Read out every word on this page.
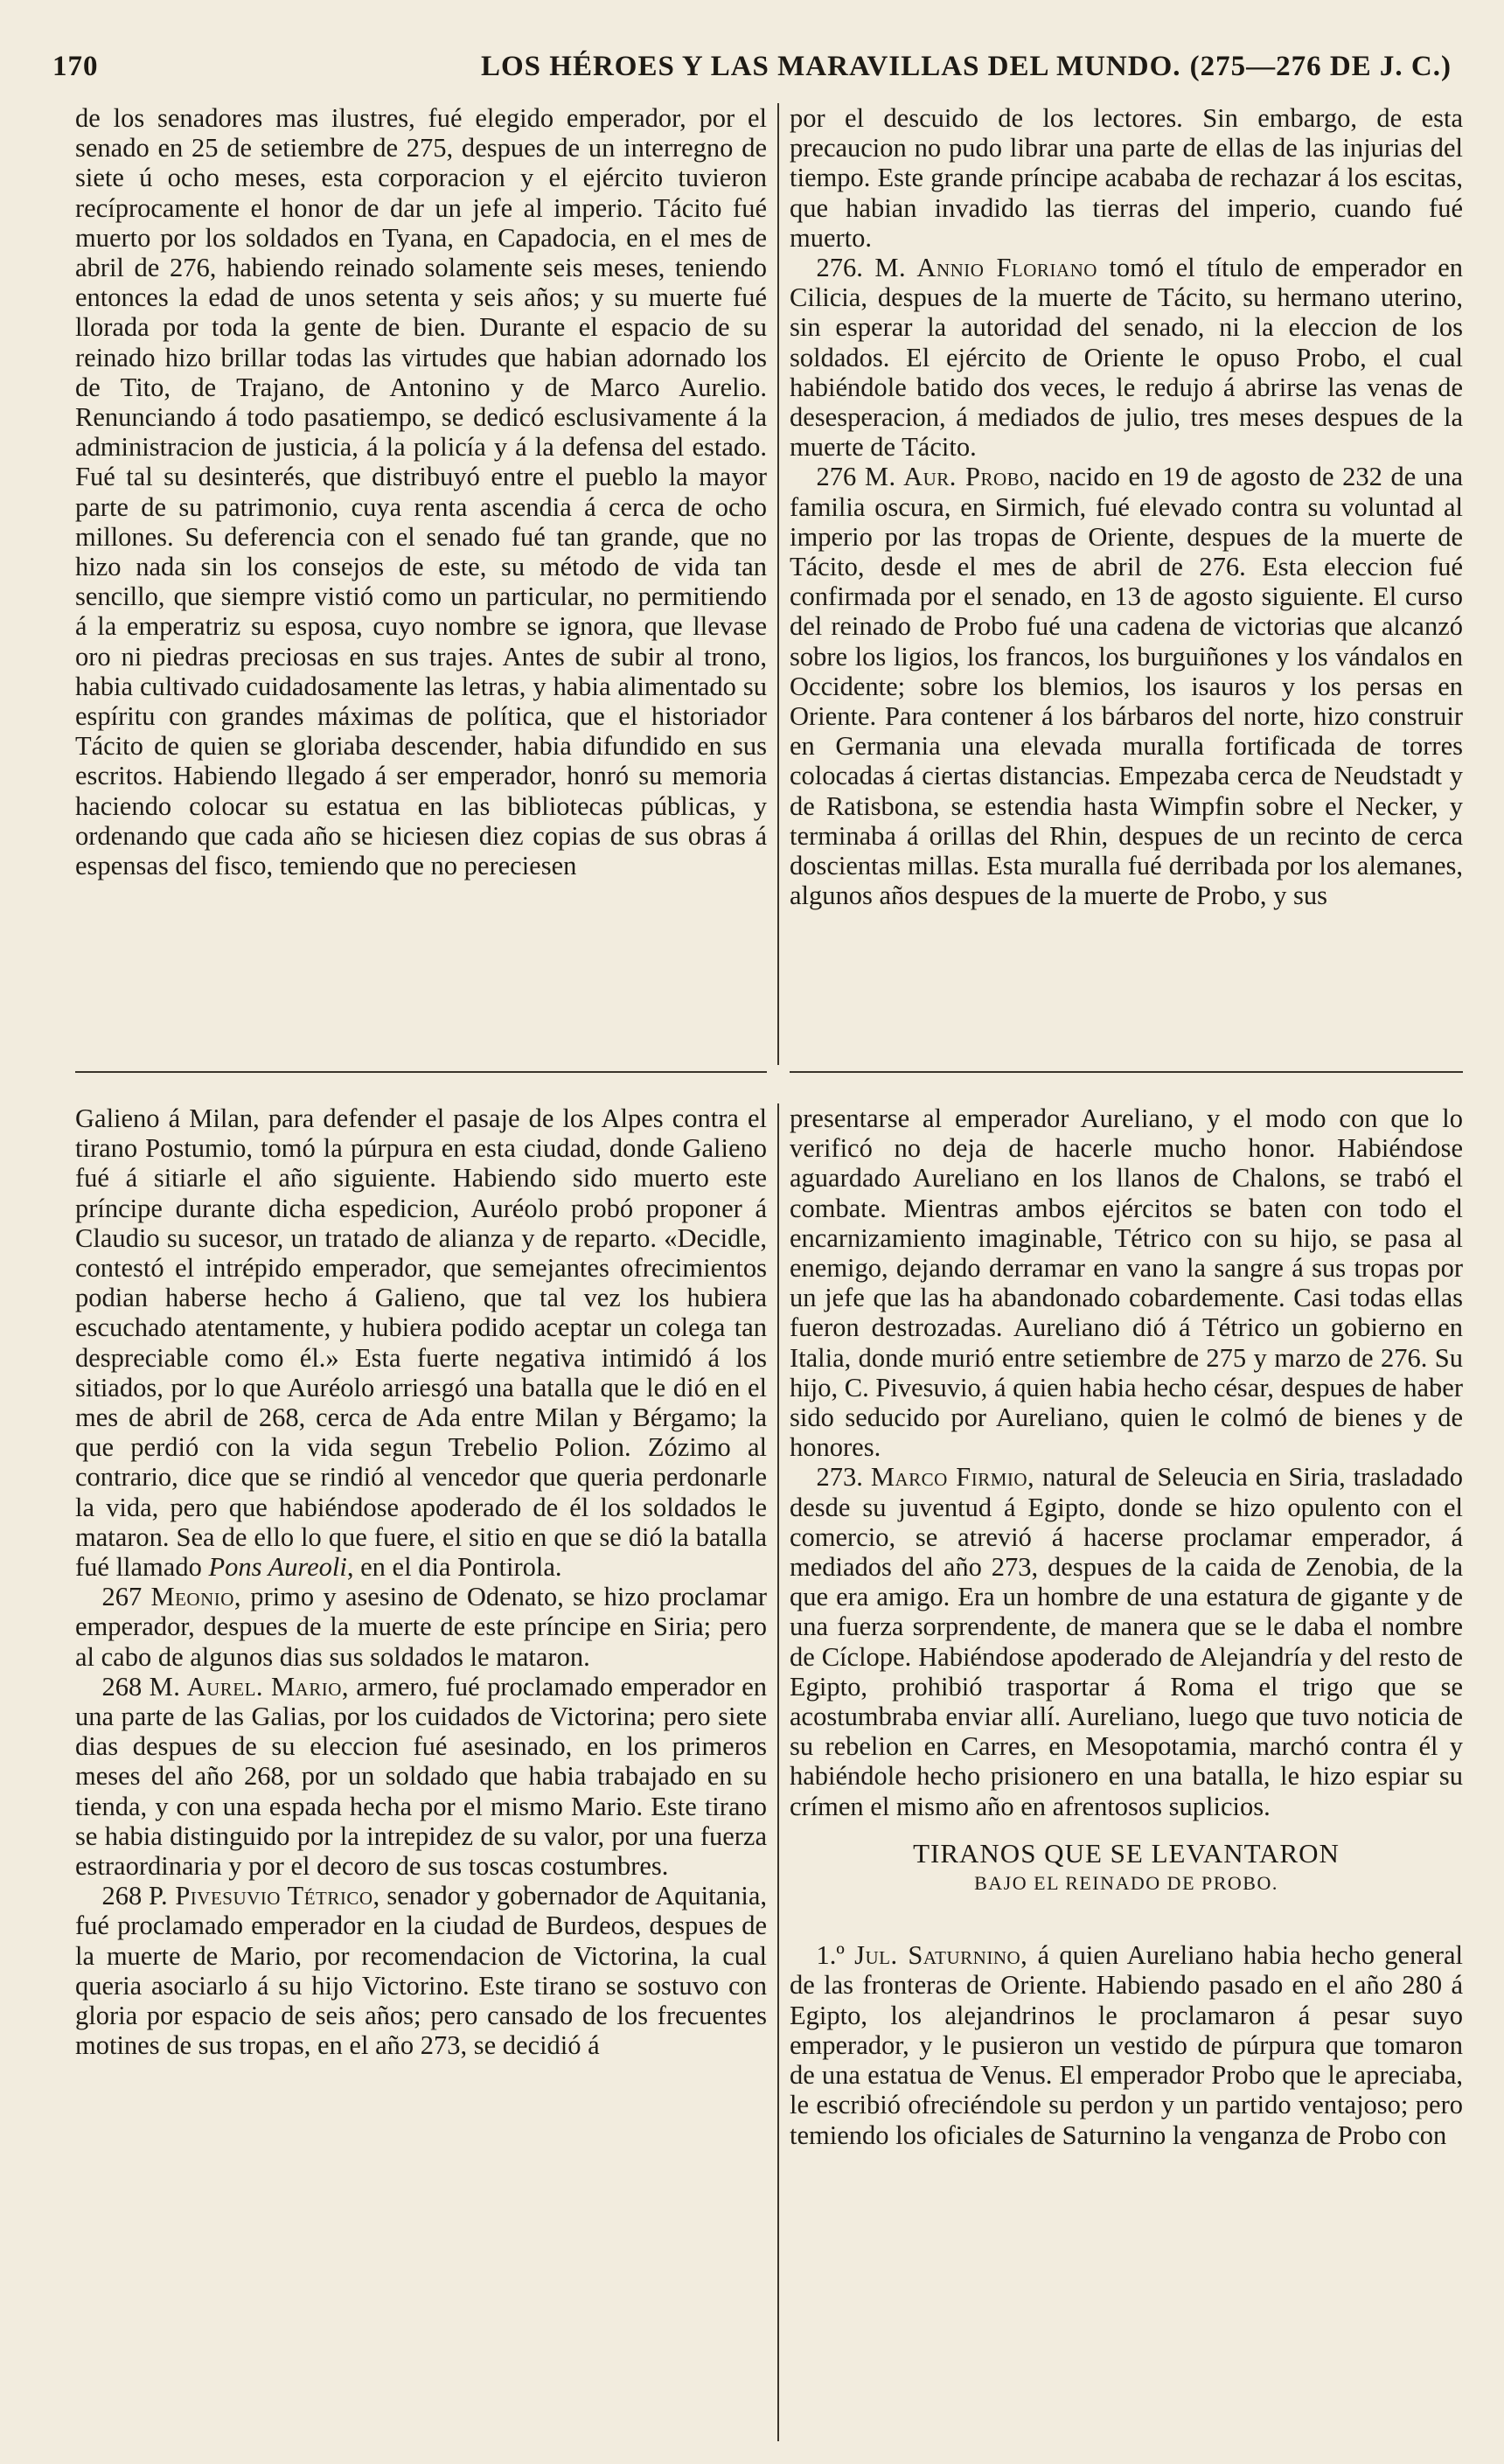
170	LOS HÉROES Y LAS MARAVILLAS DEL MUNDO. (275—276 DE J. C.)

de los senadores mas ilustres, fué elegido emperador, por el senado en 25 de setiembre de 275, despues de un interregno de siete ú ocho meses, esta corporacion y el ejército tuvieron recíprocamente el honor de dar un jefe al imperio. Tácito fué muerto por los soldados en Tyana, en Capadocia, en el mes de abril de 276, habiendo reinado solamente seis meses, teniendo entonces la edad de unos setenta y seis años; y su muerte fué llorada por toda la gente de bien. Durante el espacio de su reinado hizo brillar todas las virtudes que habian adornado los de Tito, de Trajano, de Antonino y de Marco Aurelio. Renunciando á todo pasatiempo, se dedicó esclusivamente á la administracion de justicia, á la policía y á la defensa del estado. Fué tal su desinterés, que distribuyó entre el pueblo la mayor parte de su patrimonio, cuya renta ascendia á cerca de ocho millones. Su deferencia con el senado fué tan grande, que no hizo nada sin los consejos de este, su método de vida tan sencillo, que siempre vistió como un particular, no permitiendo á la emperatriz su esposa, cuyo nombre se ignora, que llevase oro ni piedras preciosas en sus trajes. Antes de subir al trono, habia cultivado cuidadosamente las letras, y habia alimentado su espíritu con grandes máximas de política, que el historiador Tácito de quien se gloriaba descender, habia difundido en sus escritos. Habiendo llegado á ser emperador, honró su memoria haciendo colocar su estatua en las bibliotecas públicas, y ordenando que cada año se hiciesen diez copias de sus obras á espensas del fisco, temiendo que no pereciesen

por el descuido de los lectores. Sin embargo, de esta precaucion no pudo librar una parte de ellas de las injurias del tiempo. Este grande príncipe acababa de rechazar á los escitas, que habian invadido las tierras del imperio, cuando fué muerto.

 276. M. Annio Floriano tomó el título de emperador en Cilicia, despues de la muerte de Tácito, su hermano uterino, sin esperar la autoridad del senado, ni la eleccion de los soldados. El ejército de Oriente le opuso Probo, el cual habiéndole batido dos veces, le redujo á abrirse las venas de desesperacion, á mediados de julio, tres meses despues de la muerte de Tácito.

 276 M. Aur. Probo, nacido en 19 de agosto de 232 de una familia oscura, en Sirmich, fué elevado contra su voluntad al imperio por las tropas de Oriente, despues de la muerte de Tácito, desde el mes de abril de 276. Esta eleccion fué confirmada por el senado, en 13 de agosto siguiente. El curso del reinado de Probo fué una cadena de victorias que alcanzó sobre los ligios, los francos, los burguiñones y los vándalos en Occidente; sobre los blemios, los isauros y los persas en Oriente. Para contener á los bárbaros del norte, hizo construir en Germania una elevada muralla fortificada de torres colocadas á ciertas distancias. Empezaba cerca de Neudstadt y de Ratisbona, se estendia hasta Wimpfin sobre el Necker, y terminaba á orillas del Rhin, despues de un recinto de cerca doscientas millas. Esta muralla fué derribada por los alemanes, algunos años despues de la muerte de Probo, y sus

Galieno á Milan, para defender el pasaje de los Alpes contra el tirano Postumio, tomó la púrpura en esta ciudad, donde Galieno fué á sitiarle el año siguiente. Habiendo sido muerto este príncipe durante dicha espedicion, Auréolo probó proponer á Claudio su sucesor, un tratado de alianza y de reparto. «Decidle, contestó el intrépido emperador, que semejantes ofrecimientos podian haberse hecho á Galieno, que tal vez los hubiera escuchado atentamente, y hubiera podido aceptar un colega tan despreciable como él.» Esta fuerte negativa intimidó á los sitiados, por lo que Auréolo arriesgó una batalla que le dió en el mes de abril de 268, cerca de Ada entre Milan y Bérgamo; la que perdió con la vida segun Trebelio Polion. Zózimo al contrario, dice que se rindió al vencedor que queria perdonarle la vida, pero que habiéndose apoderado de él los soldados le mataron. Sea de ello lo que fuere, el sitio en que se dió la batalla fué llamado Pons Aureoli, en el dia Pontirola.

 267 Meonio, primo y asesino de Odenato, se hizo proclamar emperador, despues de la muerte de este príncipe en Siria; pero al cabo de algunos dias sus soldados le mataron.

 268 M. Aurel. Mario, armero, fué proclamado emperador en una parte de las Galias, por los cuidados de Victorina; pero siete dias despues de su eleccion fué asesinado, en los primeros meses del año 268, por un soldado que habia trabajado en su tienda, y con una espada hecha por el mismo Mario. Este tirano se habia distinguido por la intrepidez de su valor, por una fuerza estraordinaria y por el decoro de sus toscas costumbres.

 268 P. Pivesuvio Tétrico, senador y gobernador de Aquitania, fué proclamado emperador en la ciudad de Burdeos, despues de la muerte de Mario, por recomendacion de Victorina, la cual queria asociarlo á su hijo Victorino. Este tirano se sostuvo con gloria por espacio de seis años; pero cansado de los frecuentes motines de sus tropas, en el año 273, se decidió á

presentarse al emperador Aureliano, y el modo con que lo verificó no deja de hacerle mucho honor. Habiéndose aguardado Aureliano en los llanos de Chalons, se trabó el combate. Mientras ambos ejércitos se baten con todo el encarnizamiento imaginable, Tétrico con su hijo, se pasa al enemigo, dejando derramar en vano la sangre á sus tropas por un jefe que las ha abandonado cobardemente. Casi todas ellas fueron destrozadas. Aureliano dió á Tétrico un gobierno en Italia, donde murió entre setiembre de 275 y marzo de 276. Su hijo, C. Pivesuvio, á quien habia hecho césar, despues de haber sido seducido por Aureliano, quien le colmó de bienes y de honores.

 273. Marco Firmio, natural de Seleucia en Siria, trasladado desde su juventud á Egipto, donde se hizo opulento con el comercio, se atrevió á hacerse proclamar emperador, á mediados del año 273, despues de la caida de Zenobia, de la que era amigo. Era un hombre de una estatura de gigante y de una fuerza sorprendente, de manera que se le daba el nombre de Cíclope. Habiéndose apoderado de Alejandría y del resto de Egipto, prohibió trasportar á Roma el trigo que se acostumbraba enviar allí. Aureliano, luego que tuvo noticia de su rebelion en Carres, en Mesopotamia, marchó contra él y habiéndole hecho prisionero en una batalla, le hizo espiar su crímen el mismo año en afrentosos suplicios.

TIRANOS QUE SE LEVANTARON

BAJO EL REINADO DE PROBO.

 1.º Jul. Saturnino, á quien Aureliano habia hecho general de las fronteras de Oriente. Habiendo pasado en el año 280 á Egipto, los alejandrinos le proclamaron á pesar suyo emperador, y le pusieron un vestido de púrpura que tomaron de una estatua de Venus. El emperador Probo que le apreciaba, le escribió ofreciéndole su perdon y un partido ventajoso; pero temiendo los oficiales de Saturnino la venganza de Probo con
